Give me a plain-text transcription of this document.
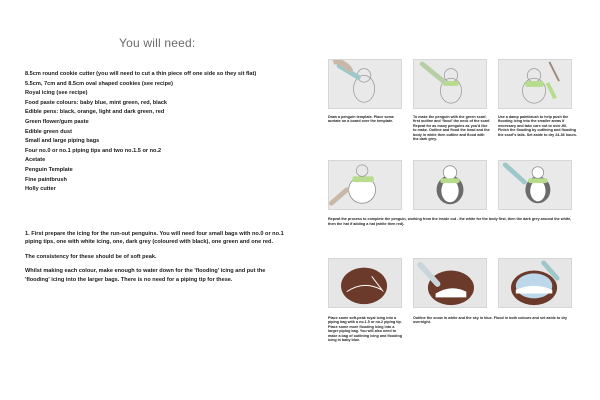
You will need:
8.5cm round cookie cutter (you will need to cut a thin piece off one side so they sit flat)
5.5cm, 7cm and 8.5cm oval shaped cookies (see recipe)
Royal icing (see recipe)
Food paste colours: baby blue, mint green, red, black
Edible pens: black, orange, light and dark green, red
Green flower/gum paste
Edible green dust
Small and large piping bags
Four no.0 or no.1 piping tips and two no.1.5 or no.2
Acetate
Penguin Template
Fine paintbrush
Holly cutter

1. First prepare the icing for the run-out penguins. You will need four small bags with no.0 or no.1 piping tips, one with white icing, one, dark grey (coloured with black), one green and one red.

The consistency for these should be of soft peak.

Whilst making each colour, make enough to water down for the 'flooding' icing and put the 'flooding' icing into the larger bags. There is no need for a piping tip for these.

Draw a penguin template. Place some acetate on a board over the template.
To make the penguin with the green scarf, first outline and 'flood' the neck of the scarf. Repeat for as many penguins as you'd like to make. Outline and flood the head and the body in white then outline and flood with the dark grey.
Use a damp paintbrush to help push the flooding icing into the smaller areas if necessary and take care not to over-fill. Finish the flooding by outlining and flooding the scarf's tails. Set aside to dry 24-36 hours.
Repeat the process to complete the penguin, working from the inside out - the white for the body first, then the dark grey around the white, then the hat if adding a hat (white then red).
Place some soft-peak royal icing into a piping bag with a no.1.5 or no.2 piping tip. Place some more flooding icing into a larger piping bag. You will also need to make a bag of outlining icing and flooding icing in baby blue.
Outline the snow in white and the sky in blue. Flood in both colours and set aside to dry overnight.
